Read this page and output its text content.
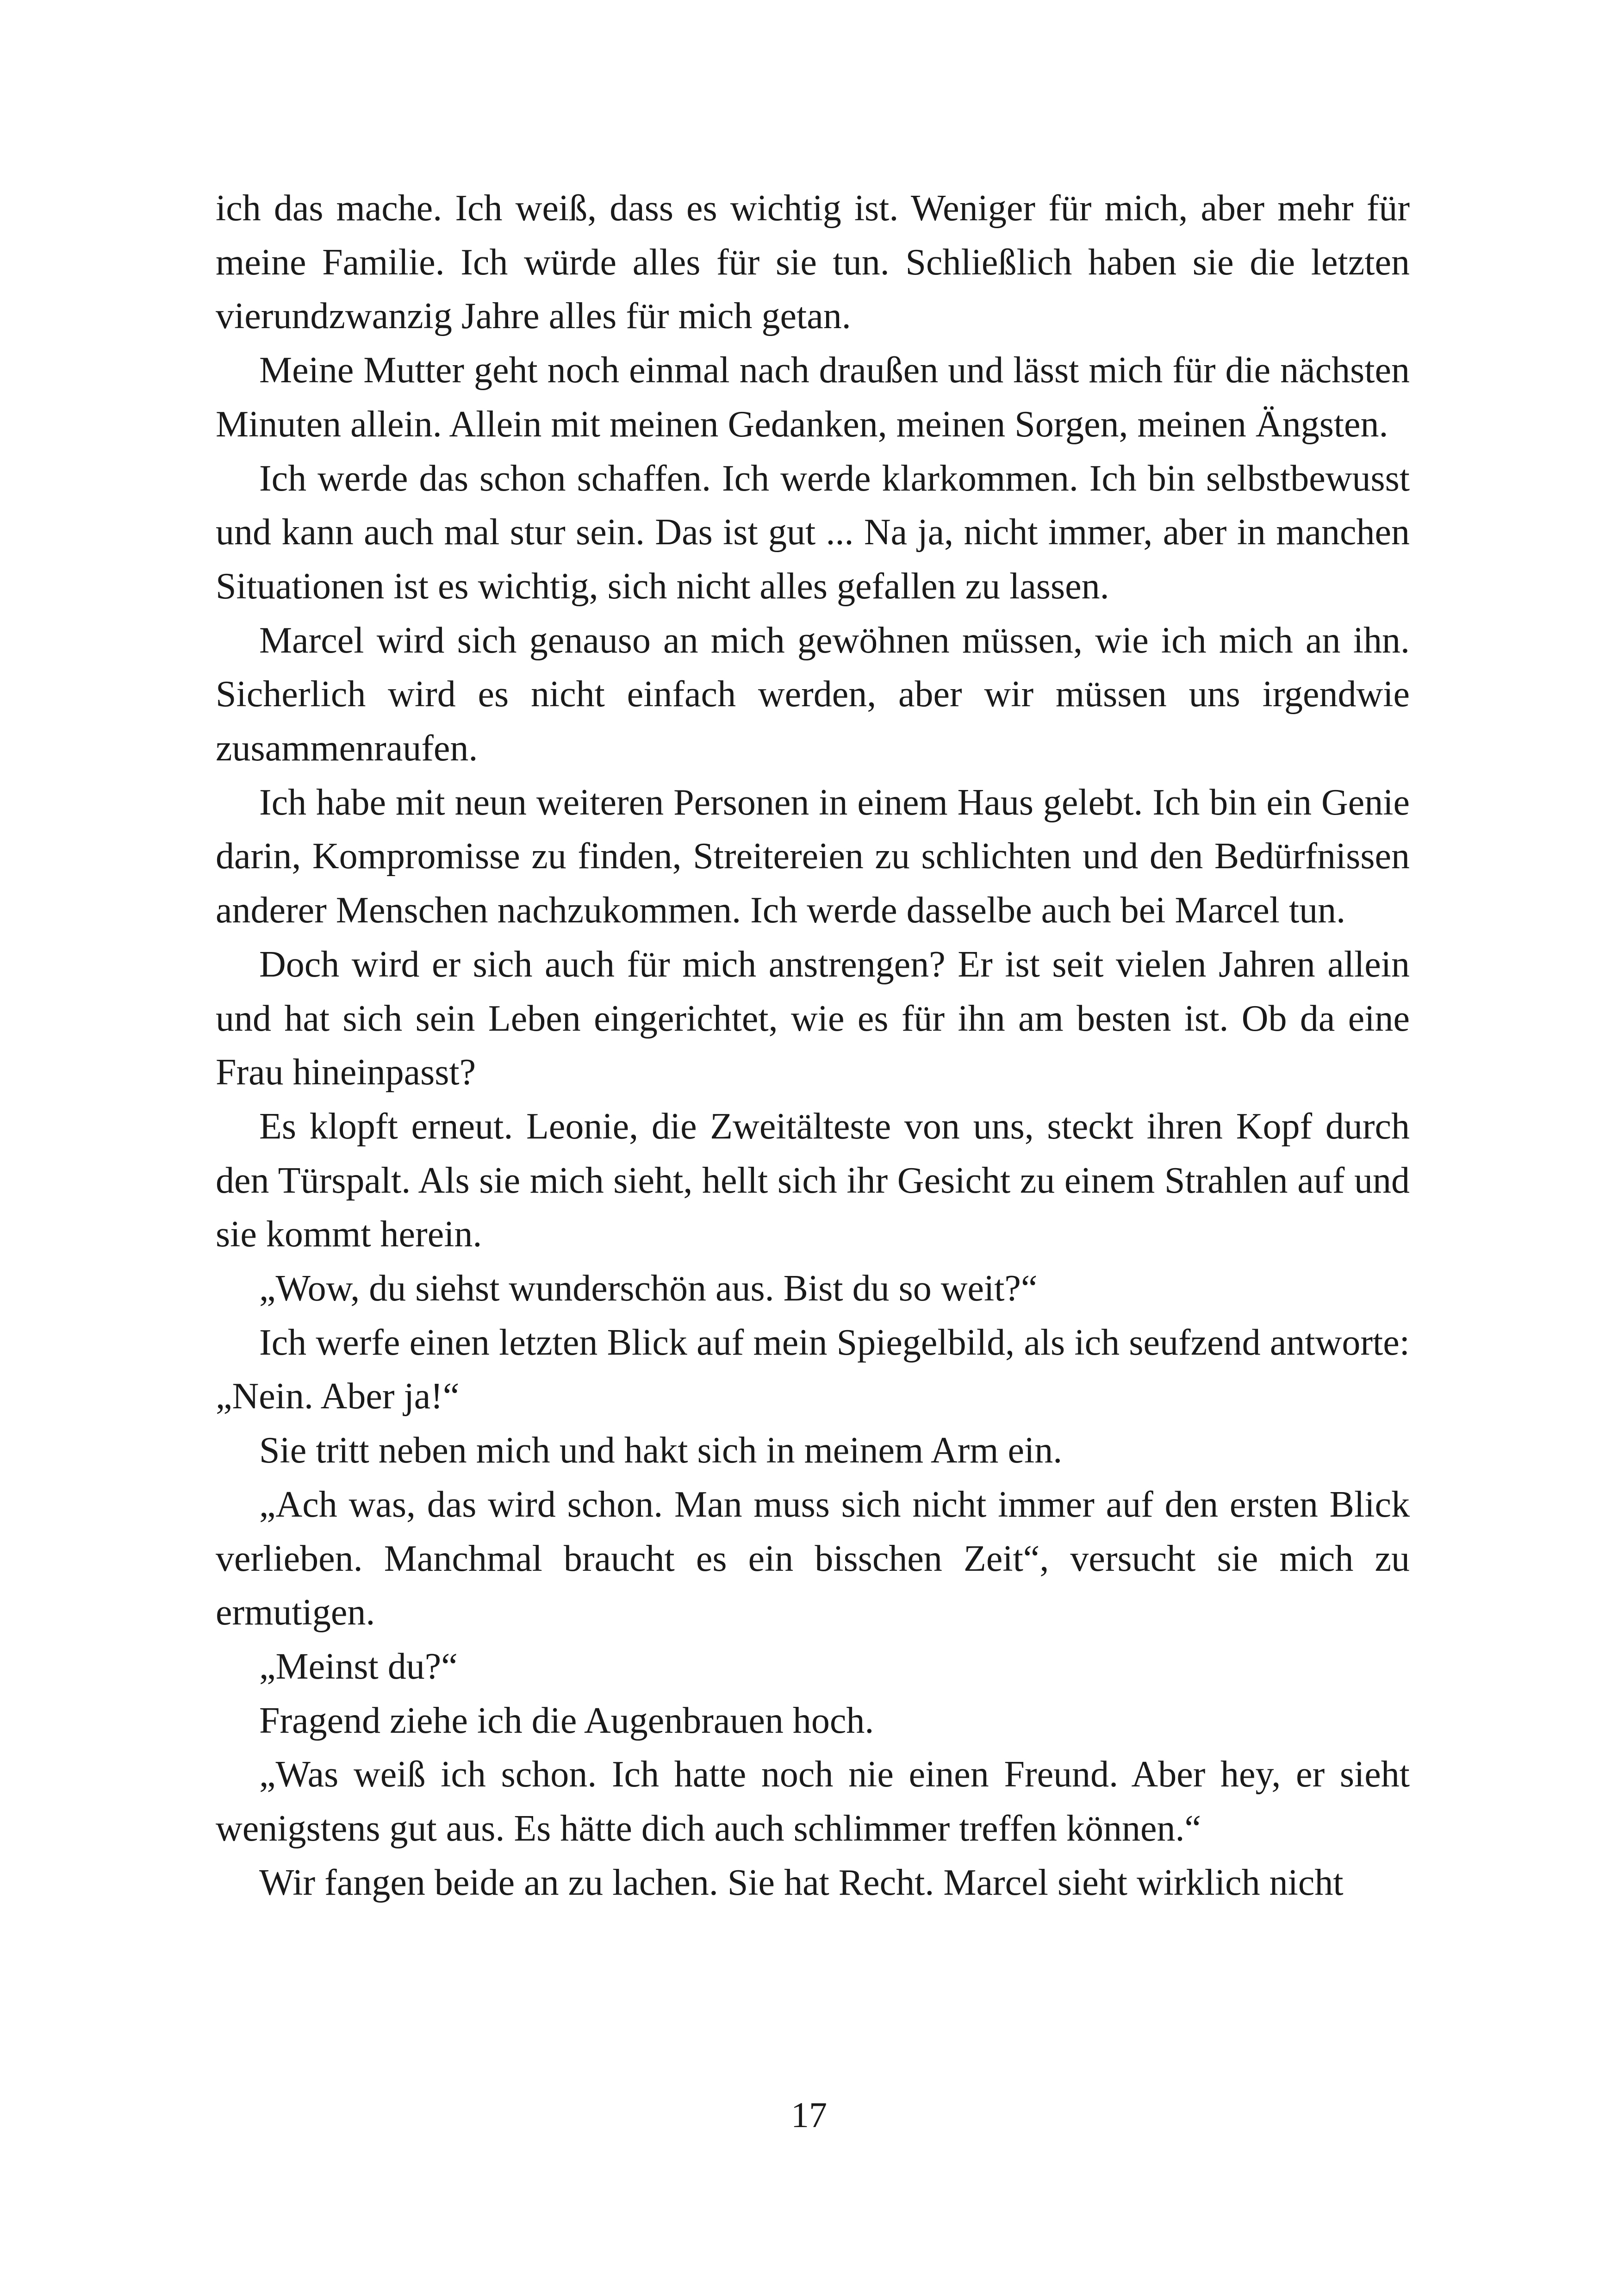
ich das mache. Ich weiß, dass es wichtig ist. Weniger für mich, aber mehr für meine Familie. Ich würde alles für sie tun. Schließlich haben sie die letzten vierundzwanzig Jahre alles für mich getan.

Meine Mutter geht noch einmal nach draußen und lässt mich für die nächsten Minuten allein. Allein mit meinen Gedanken, meinen Sorgen, meinen Ängsten.

Ich werde das schon schaffen. Ich werde klarkommen. Ich bin selbstbewusst und kann auch mal stur sein. Das ist gut ... Na ja, nicht immer, aber in manchen Situationen ist es wichtig, sich nicht alles gefallen zu lassen.

Marcel wird sich genauso an mich gewöhnen müssen, wie ich mich an ihn. Sicherlich wird es nicht einfach werden, aber wir müssen uns irgendwie zusammenraufen.

Ich habe mit neun weiteren Personen in einem Haus gelebt. Ich bin ein Genie darin, Kompromisse zu finden, Streitereien zu schlichten und den Bedürfnissen anderer Menschen nachzukommen. Ich werde dasselbe auch bei Marcel tun.

Doch wird er sich auch für mich anstrengen? Er ist seit vielen Jahren allein und hat sich sein Leben eingerichtet, wie es für ihn am besten ist. Ob da eine Frau hineinpasst?

Es klopft erneut. Leonie, die Zweitälteste von uns, steckt ihren Kopf durch den Türspalt. Als sie mich sieht, hellt sich ihr Gesicht zu einem Strahlen auf und sie kommt herein.

„Wow, du siehst wunderschön aus. Bist du so weit?“

Ich werfe einen letzten Blick auf mein Spiegelbild, als ich seufzend antworte: „Nein. Aber ja!“

Sie tritt neben mich und hakt sich in meinem Arm ein.

„Ach was, das wird schon. Man muss sich nicht immer auf den ersten Blick verlieben. Manchmal braucht es ein bisschen Zeit“, versucht sie mich zu ermutigen.

„Meinst du?“

Fragend ziehe ich die Augenbrauen hoch.

„Was weiß ich schon. Ich hatte noch nie einen Freund. Aber hey, er sieht wenigstens gut aus. Es hätte dich auch schlimmer treffen können.“

Wir fangen beide an zu lachen. Sie hat Recht. Marcel sieht wirklich nicht

17
